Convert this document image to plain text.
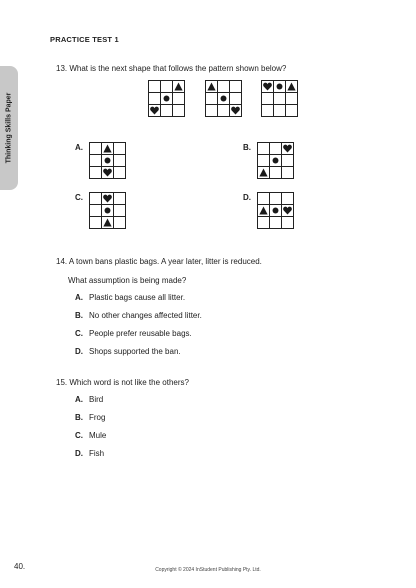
PRACTICE TEST 1
Thinking Skills Paper
13. What is the next shape that follows the pattern shown below?
A.	B.
C.	D.
14. A town bans plastic bags. A year later, litter is reduced.
What assumption is being made?
A. Plastic bags cause all litter.
B. No other changes affected litter.
C. People prefer reusable bags.
D. Shops supported the ban.
15. Which word is not like the others?
A. Bird
B. Frog
C. Mule
D. Fish
40.	Copyright © 2024 InStudent Publishing Pty. Ltd.
